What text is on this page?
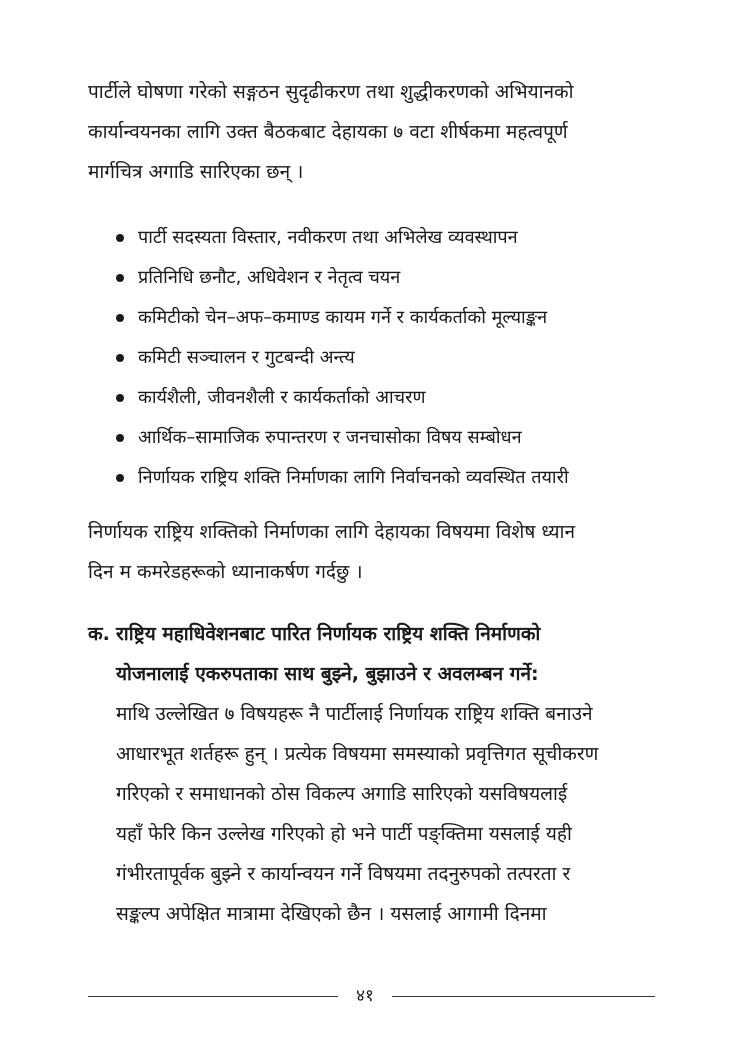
पार्टीले घोषणा गरेको सङ्गठन सुदृढीकरण तथा शुद्धीकरणको अभियानको
कार्यान्वयनका लागि उक्त बैठकबाट देहायका ७ वटा शीर्षकमा महत्वपूर्ण
मार्गचित्र अगाडि सारिएका छन् ।

पार्टी सदस्यता विस्तार, नवीकरण तथा अभिलेख व्यवस्थापन
प्रतिनिधि छनौट, अधिवेशन र नेतृत्व चयन
कमिटीको चेन–अफ–कमाण्ड कायम गर्ने र कार्यकर्ताको मूल्याङ्कन
कमिटी सञ्चालन र गुटबन्दी अन्त्य
कार्यशैली, जीवनशैली र कार्यकर्ताको आचरण
आर्थिक–सामाजिक रुपान्तरण र जनचासोका विषय सम्बोधन
निर्णायक राष्ट्रिय शक्ति निर्माणका लागि निर्वाचनको व्यवस्थित तयारी

निर्णायक राष्ट्रिय शक्तिको निर्माणका लागि देहायका विषयमा विशेष ध्यान
दिन म कमरेडहरूको ध्यानाकर्षण गर्दछु ।

क. राष्ट्रिय महाधिवेशनबाट पारित निर्णायक राष्ट्रिय शक्ति निर्माणको
योजनालाई एकरुपताका साथ बुझ्ने, बुझाउने र अवलम्बन गर्ने:
माथि उल्लेखित ७ विषयहरू नै पार्टीलाई निर्णायक राष्ट्रिय शक्ति बनाउने
आधारभूत शर्तहरू हुन् । प्रत्येक विषयमा समस्याको प्रवृत्तिगत सूचीकरण
गरिएको र समाधानको ठोस विकल्प अगाडि सारिएको यसविषयलाई
यहाँ फेरि किन उल्लेख गरिएको हो भने पार्टी पङ्क्तिमा यसलाई यही
गंभीरतापूर्वक बुझ्ने र कार्यान्वयन गर्ने विषयमा तदनुरुपको तत्परता र
सङ्कल्प अपेक्षित मात्रामा देखिएको छैन । यसलाई आगामी दिनमा
४१
